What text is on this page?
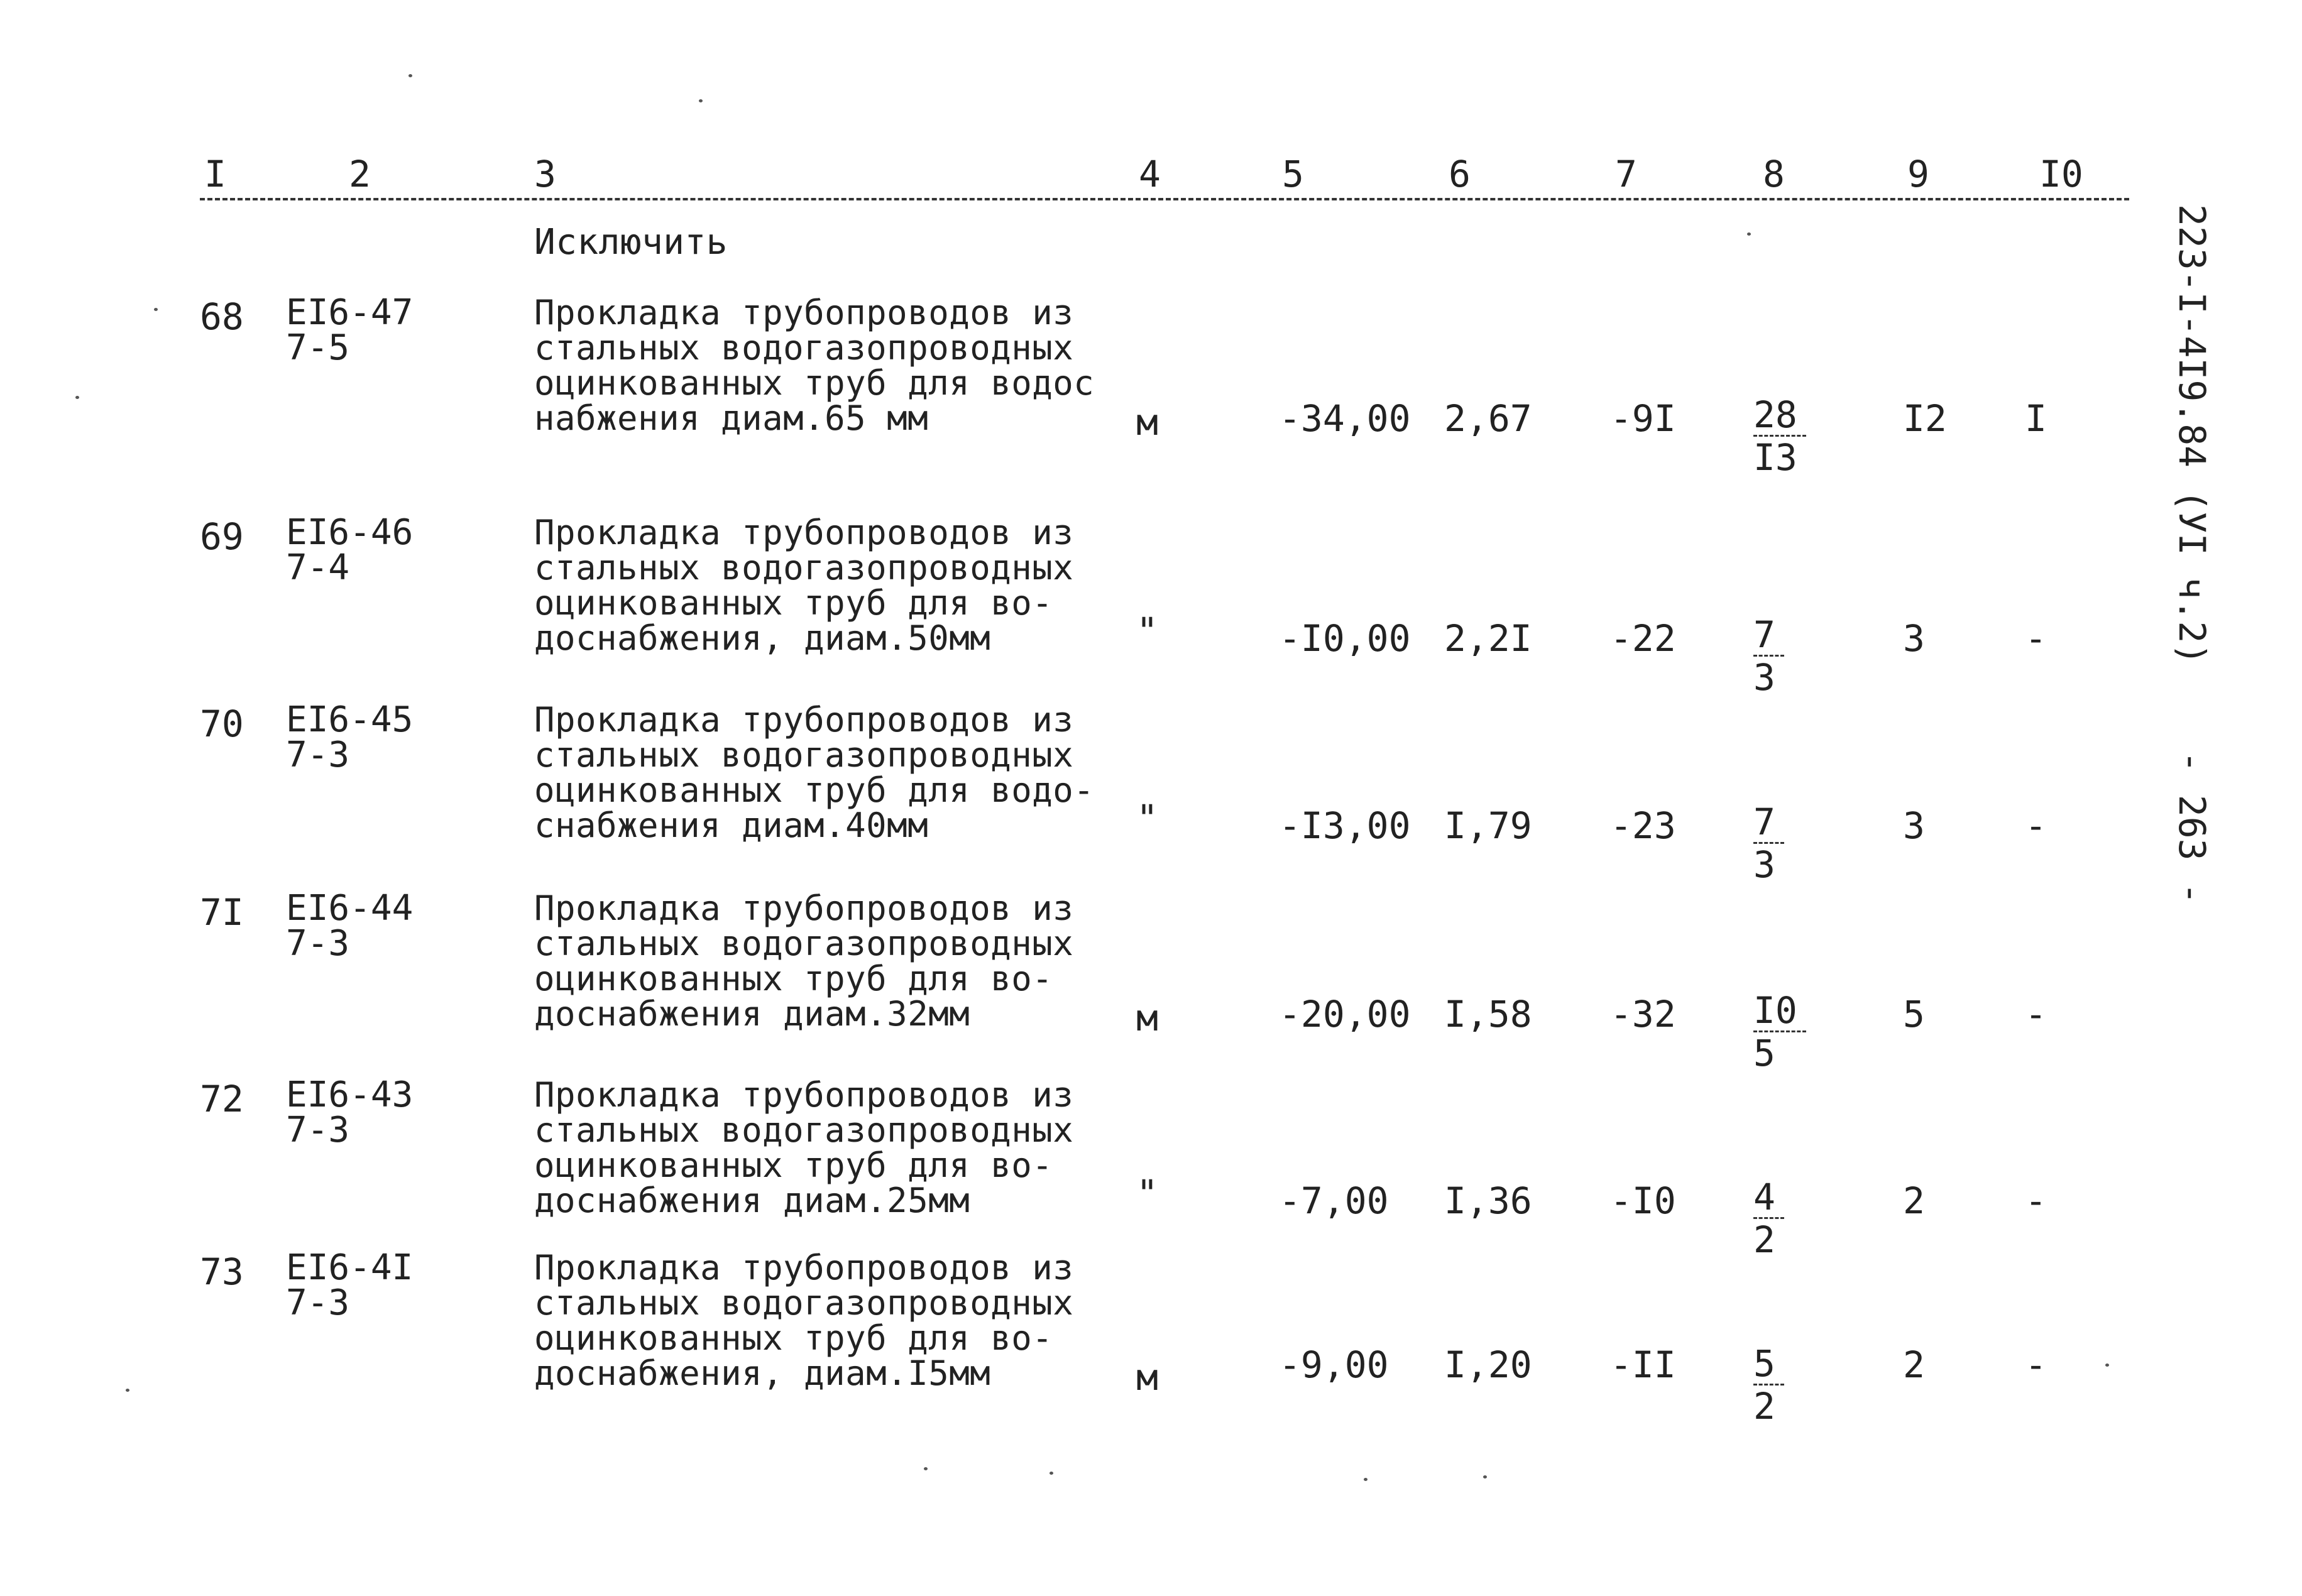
I	2	3	4	5	6	7	8	9	I0
Исключить	223-I-4I9.84 (УI ч.2)
- 263 -
68 EI6-47
7-5
Прокладка трубопроводов из
стальных водогазопроводных
оцинкованных труб для водос
набжения диам.65 мм	м	-34,00 2,67 $-9I \frac{28}{I3}$	I2 I
69 EI6-46
7-4
Прокладка трубопроводов из
стальных водогазопроводных
оцинкованных труб для во-
доснабжения, диам.50мм	"	-I0,00 2,2I $-22 \frac{7}{3}$	3	-
70 EI6-45
7-3
Прокладка трубопроводов из
стальных водогазопроводных
оцинкованных труб для водо-
снабжения диам.40мм	"	-I3,00 I,79 $-23 \frac{7}{3}$	3	-
7I EI6-44
7-3
Прокладка трубопроводов из
стальных водогазопроводных
оцинкованных труб для во-
доснабжения диам.32мм	м	-20,00 I,58 $-32 \frac{I0}{5}$	5	-
72 EI6-43
7-3
Прокладка трубопроводов из
стальных водогазопроводных
оцинкованных труб для во-
доснабжения диам.25мм	"	-7,00 I,36 $-I0 \frac{4}{2}$	2	-
73 EI6-4I
7-3
Прокладка трубопроводов из
стальных водогазопроводных
оцинкованных труб для во-
доснабжения, диам.I5мм	м	-9,00 I,20 $-II \frac{5}{2}$	2	-
